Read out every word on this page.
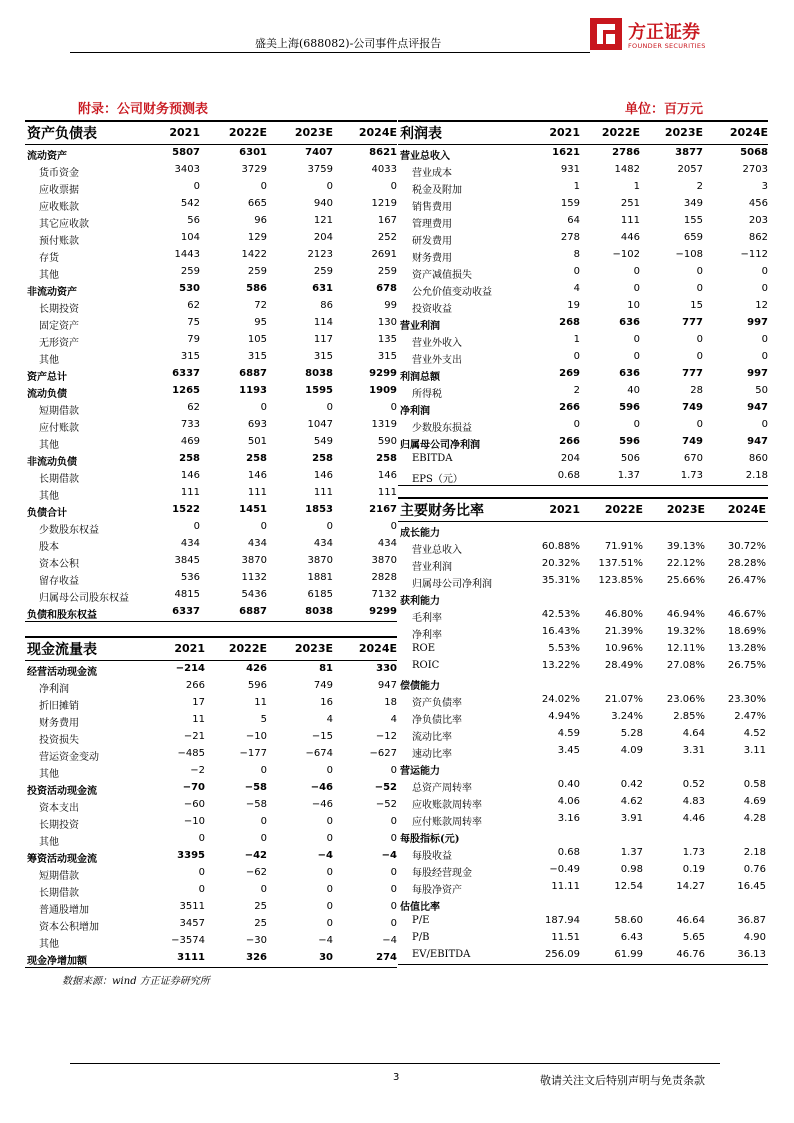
盛美上海(688082)-公司事件点评报告
方正证券
FOUNDER SECURITIES
附录：公司财务预测表	单位：百万元
资产负债表	2021	2022E	2023E 2024E
流动资产	5807	6301	7407	8621
货币资金	3403	3729	3759	4033
应收票据	0	0	0	0
应收账款	542	665	940	1219
其它应收款	56	96	121	167
预付账款	104	129	204	252
存货	1443	1422	2123	2691
其他	259	259	259	259
非流动资产	530	586	631	678
长期投资	62	72	86	99
固定资产	75	95	114	130
无形资产	79	105	117	135
其他	315	315	315	315
资产总计	6337	6887	8038	9299
流动负债	1265	1193	1595	1909
短期借款	62	0	0	0
应付账款	733	693	1047	1319
其他	469	501	549	590
非流动负债	258	258	258	258
长期借款	146	146	146	146
其他	111	111	111	111
负债合计	1522	1451	1853	2167
少数股东权益	0	0	0	0
股本	434	434	434	434
资本公积	3845	3870	3870	3870
留存收益	536	1132	1881	2828
归属母公司股东权益	4815	5436	6185	7132
负债和股东权益	6337	6887	8038	9299
利润表	2021 2022E 2023E 2024E
营业总收入	1621	2786	3877	5068
营业成本	931	1482	2057	2703
税金及附加	1	1	2	3
销售费用	159	251	349	456
管理费用	64	111	155	203
研发费用	278	446	659	862
财务费用	8	−102	−108	−112
资产减值损失	0	0	0	0
公允价值变动收益	4	0	0	0
投资收益	19	10	15	12
营业利润	268	636	777	997
营业外收入	1	0	0	0
营业外支出	0	0	0	0
利润总额	269	636	777	997
所得税	2	40	28	50
净利润	266	596	749	947
少数股东损益	0	0	0	0
归属母公司净利润	266	596	749	947
EBITDA	204	506	670	860
EPS（元）	0.68	1.37	1.73	2.18
主要财务比率	2021 2022E 2023E 2024E
成长能力
营业总收入	60.88% 71.91% 39.13% 30.72%
营业利润	20.32% 137.51% 22.12% 28.28%
归属母公司净利润	35.31% 123.85% 25.66% 26.47%
获利能力
毛利率	42.53% 46.80% 46.94% 46.67%
净利率	16.43% 21.39% 19.32% 18.69%
ROE	5.53% 10.96% 12.11% 13.28%
ROIC	13.22% 28.49% 27.08% 26.75%
偿债能力
资产负债率	24.02% 21.07% 23.06% 23.30%
净负债比率	4.94%	3.24%	2.85%	2.47%
流动比率	4.59	5.28	4.64	4.52
速动比率	3.45	4.09	3.31	3.11
营运能力
总资产周转率	0.40	0.42	0.52	0.58
应收账款周转率	4.06	4.62	4.83	4.69
应付账款周转率	3.16	3.91	4.46	4.28
每股指标(元)
每股收益	0.68	1.37	1.73	2.18
每股经营现金	−0.49	0.98	0.19	0.76
每股净资产	11.11	12.54	14.27	16.45
估值比率
P/E	187.94	58.60	46.64	36.87
P/B	11.51	6.43	5.65	4.90
EV/EBITDA	256.09	61.99	46.76	36.13
现金流量表	2021 2022E	2023E 2024E
经营活动现金流	−214	426	81	330
净利润	266	596	749	947
折旧摊销	17	11	16	18
财务费用	11	5	4	4
投资损失	−21	−10	−15	−12
营运资金变动	−485	−177	−674	−627
其他	−2	0	0	0
投资活动现金流	−70	−58	−46	−52
资本支出	−60	−58	−46	−52
长期投资	−10	0	0	0
其他	0	0	0	0
筹资活动现金流	3395	−42	−4	−4
短期借款	0	−62	0	0
长期借款	0	0	0	0
普通股增加	3511	25	0	0
资本公积增加	3457	25	0	0
其他	−3574	−30	−4	−4
现金净增加额	3111	326	30	274
数据来源：wind 方正证券研究所
3	敬请关注文后特别声明与免责条款
